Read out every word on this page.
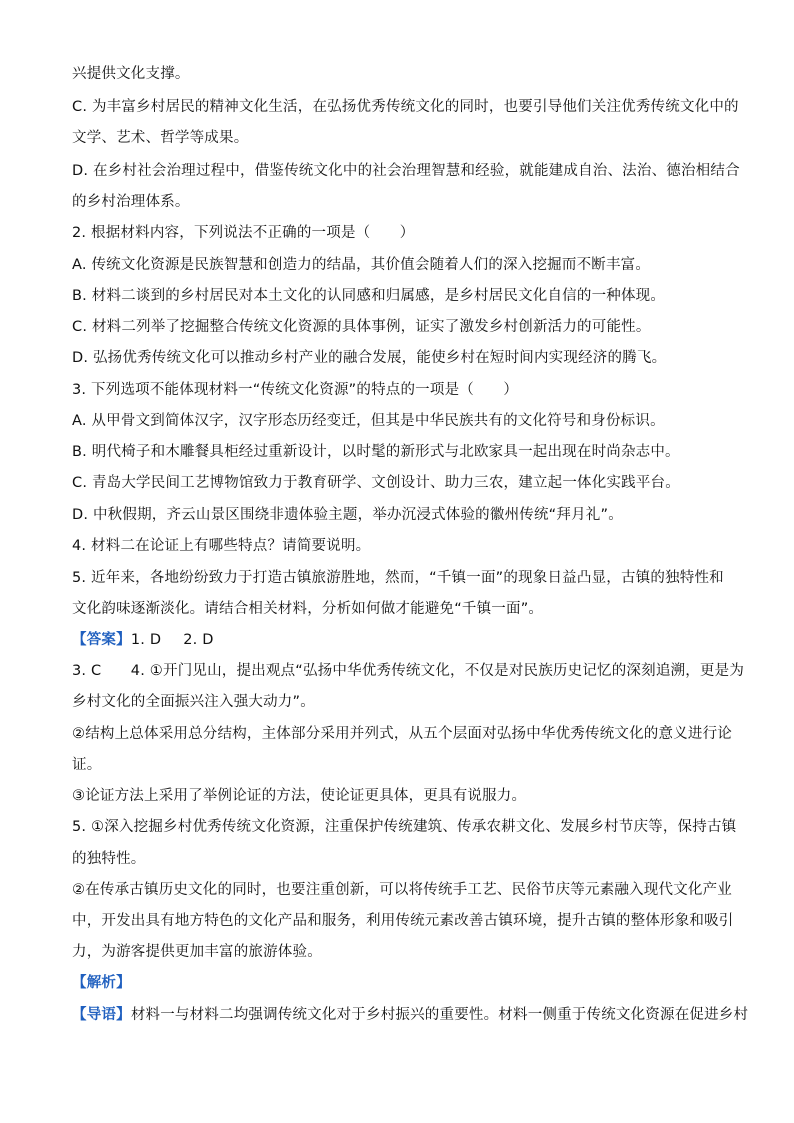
兴提供文化支撑。
C. 为丰富乡村居民的精神文化生活，在弘扬优秀传统文化的同时，也要引导他们关注优秀传统文化中的
文学、艺术、哲学等成果。
D. 在乡村社会治理过程中，借鉴传统文化中的社会治理智慧和经验，就能建成自治、法治、德治相结合
的乡村治理体系。
2. 根据材料内容，下列说法不正确的一项是（　　）
A. 传统文化资源是民族智慧和创造力的结晶，其价值会随着人们的深入挖掘而不断丰富。
B. 材料二谈到的乡村居民对本土文化的认同感和归属感，是乡村居民文化自信的一种体现。
C. 材料二列举了挖掘整合传统文化资源的具体事例，证实了激发乡村创新活力的可能性。
D. 弘扬优秀传统文化可以推动乡村产业的融合发展，能使乡村在短时间内实现经济的腾飞。
3. 下列选项不能体现材料一“传统文化资源”的特点的一项是（　　）
A. 从甲骨文到简体汉字，汉字形态历经变迁，但其是中华民族共有的文化符号和身份标识。
B. 明代椅子和木雕餐具柜经过重新设计，以时髦的新形式与北欧家具一起出现在时尚杂志中。
C. 青岛大学民间工艺博物馆致力于教育研学、文创设计、助力三农，建立起一体化实践平台。
D. 中秋假期，齐云山景区围绕非遗体验主题，举办沉浸式体验的徽州传统“拜月礼”。
4. 材料二在论证上有哪些特点？请简要说明。
5. 近年来，各地纷纷致力于打造古镇旅游胜地，然而，“千镇一面”的现象日益凸显，古镇的独特性和
文化韵味逐渐淡化。请结合相关材料，分析如何做才能避免“千镇一面”。
【答案】1. D 2. D
3. C　　4. ①开门见山，提出观点“弘扬中华优秀传统文化，不仅是对民族历史记忆的深刻追溯，更是为
乡村文化的全面振兴注入强大动力”。
②结构上总体采用总分结构，主体部分采用并列式，从五个层面对弘扬中华优秀传统文化的意义进行论
证。
③论证方法上采用了举例论证的方法，使论证更具体，更具有说服力。
5. ①深入挖掘乡村优秀传统文化资源，注重保护传统建筑、传承农耕文化、发展乡村节庆等，保持古镇
的独特性。
②在传承古镇历史文化的同时，也要注重创新，可以将传统手工艺、民俗节庆等元素融入现代文化产业
中，开发出具有地方特色的文化产品和服务，利用传统元素改善古镇环境，提升古镇的整体形象和吸引
力，为游客提供更加丰富的旅游体验。
【解析】
【导语】材料一与材料二均强调传统文化对于乡村振兴的重要性。材料一侧重于传统文化资源在促进乡村
